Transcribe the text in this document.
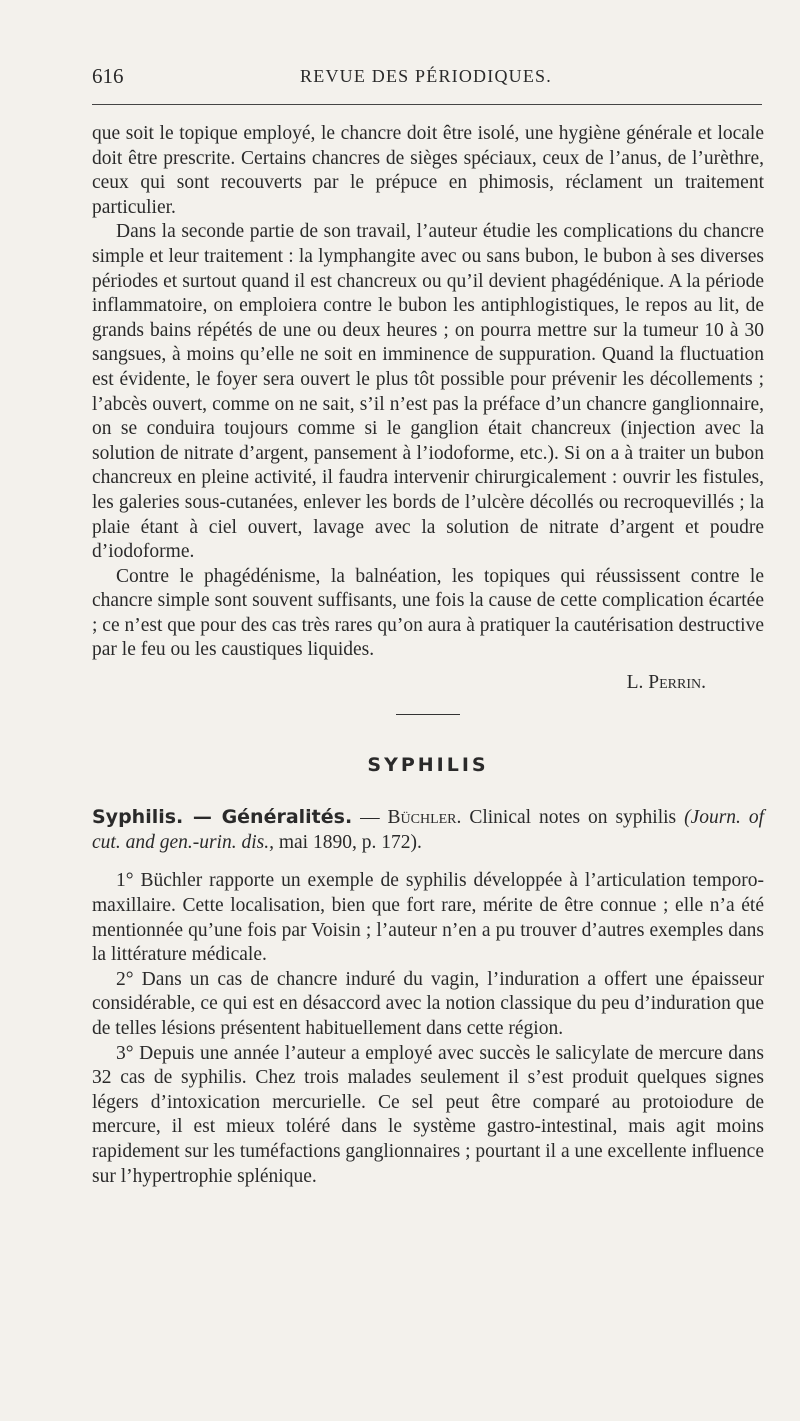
616	REVUE DES PÉRIODIQUES.

que soit le topique employé, le chancre doit être isolé, une hygiène générale et locale doit être prescrite. Certains chancres de sièges spéciaux, ceux de l’anus, de l’urèthre, ceux qui sont recouverts par le prépuce en phimosis, réclament un traitement particulier.

Dans la seconde partie de son travail, l’auteur étudie les complications du chancre simple et leur traitement : la lymphangite avec ou sans bubon, le bubon à ses diverses périodes et surtout quand il est chancreux ou qu’il devient phagédénique. A la période inflammatoire, on emploiera contre le bubon les antiphlogistiques, le repos au lit, de grands bains répétés de une ou deux heures ; on pourra mettre sur la tumeur 10 à 30 sangsues, à moins qu’elle ne soit en imminence de suppuration. Quand la fluctuation est évidente, le foyer sera ouvert le plus tôt possible pour prévenir les décollements ; l’abcès ouvert, comme on ne sait, s’il n’est pas la préface d’un chancre ganglionnaire, on se conduira toujours comme si le ganglion était chancreux (injection avec la solution de nitrate d’argent, pansement à l’iodoforme, etc.). Si on a à traiter un bubon chancreux en pleine activité, il faudra intervenir chirurgicalement : ouvrir les fistules, les galeries sous-cutanées, enlever les bords de l’ulcère décollés ou recroquevillés ; la plaie étant à ciel ouvert, lavage avec la solution de nitrate d’argent et poudre d’iodoforme.

Contre le phagédénisme, la balnéation, les topiques qui réussissent contre le chancre simple sont souvent suffisants, une fois la cause de cette complication écartée ; ce n’est que pour des cas très rares qu’on aura à pratiquer la cautérisation destructive par le feu ou les caustiques liquides.

L. Perrin.
SYPHILIS

Syphilis. — Généralités. — Büchler. Clinical notes on syphilis (Journ. of cut. and gen.-urin. dis., mai 1890, p. 172).

1° Büchler rapporte un exemple de syphilis développée à l’articulation temporo-maxillaire. Cette localisation, bien que fort rare, mérite de être connue ; elle n’a été mentionnée qu’une fois par Voisin ; l’auteur n’en a pu trouver d’autres exemples dans la littérature médicale.

2° Dans un cas de chancre induré du vagin, l’induration a offert une épaisseur considérable, ce qui est en désaccord avec la notion classique du peu d’induration que de telles lésions présentent habituellement dans cette région.

3° Depuis une année l’auteur a employé avec succès le salicylate de mercure dans 32 cas de syphilis. Chez trois malades seulement il s’est produit quelques signes légers d’intoxication mercurielle. Ce sel peut être comparé au protoiodure de mercure, il est mieux toléré dans le système gastro-intestinal, mais agit moins rapidement sur les tuméfactions ganglionnaires ; pourtant il a une excellente influence sur l’hypertrophie splénique.
